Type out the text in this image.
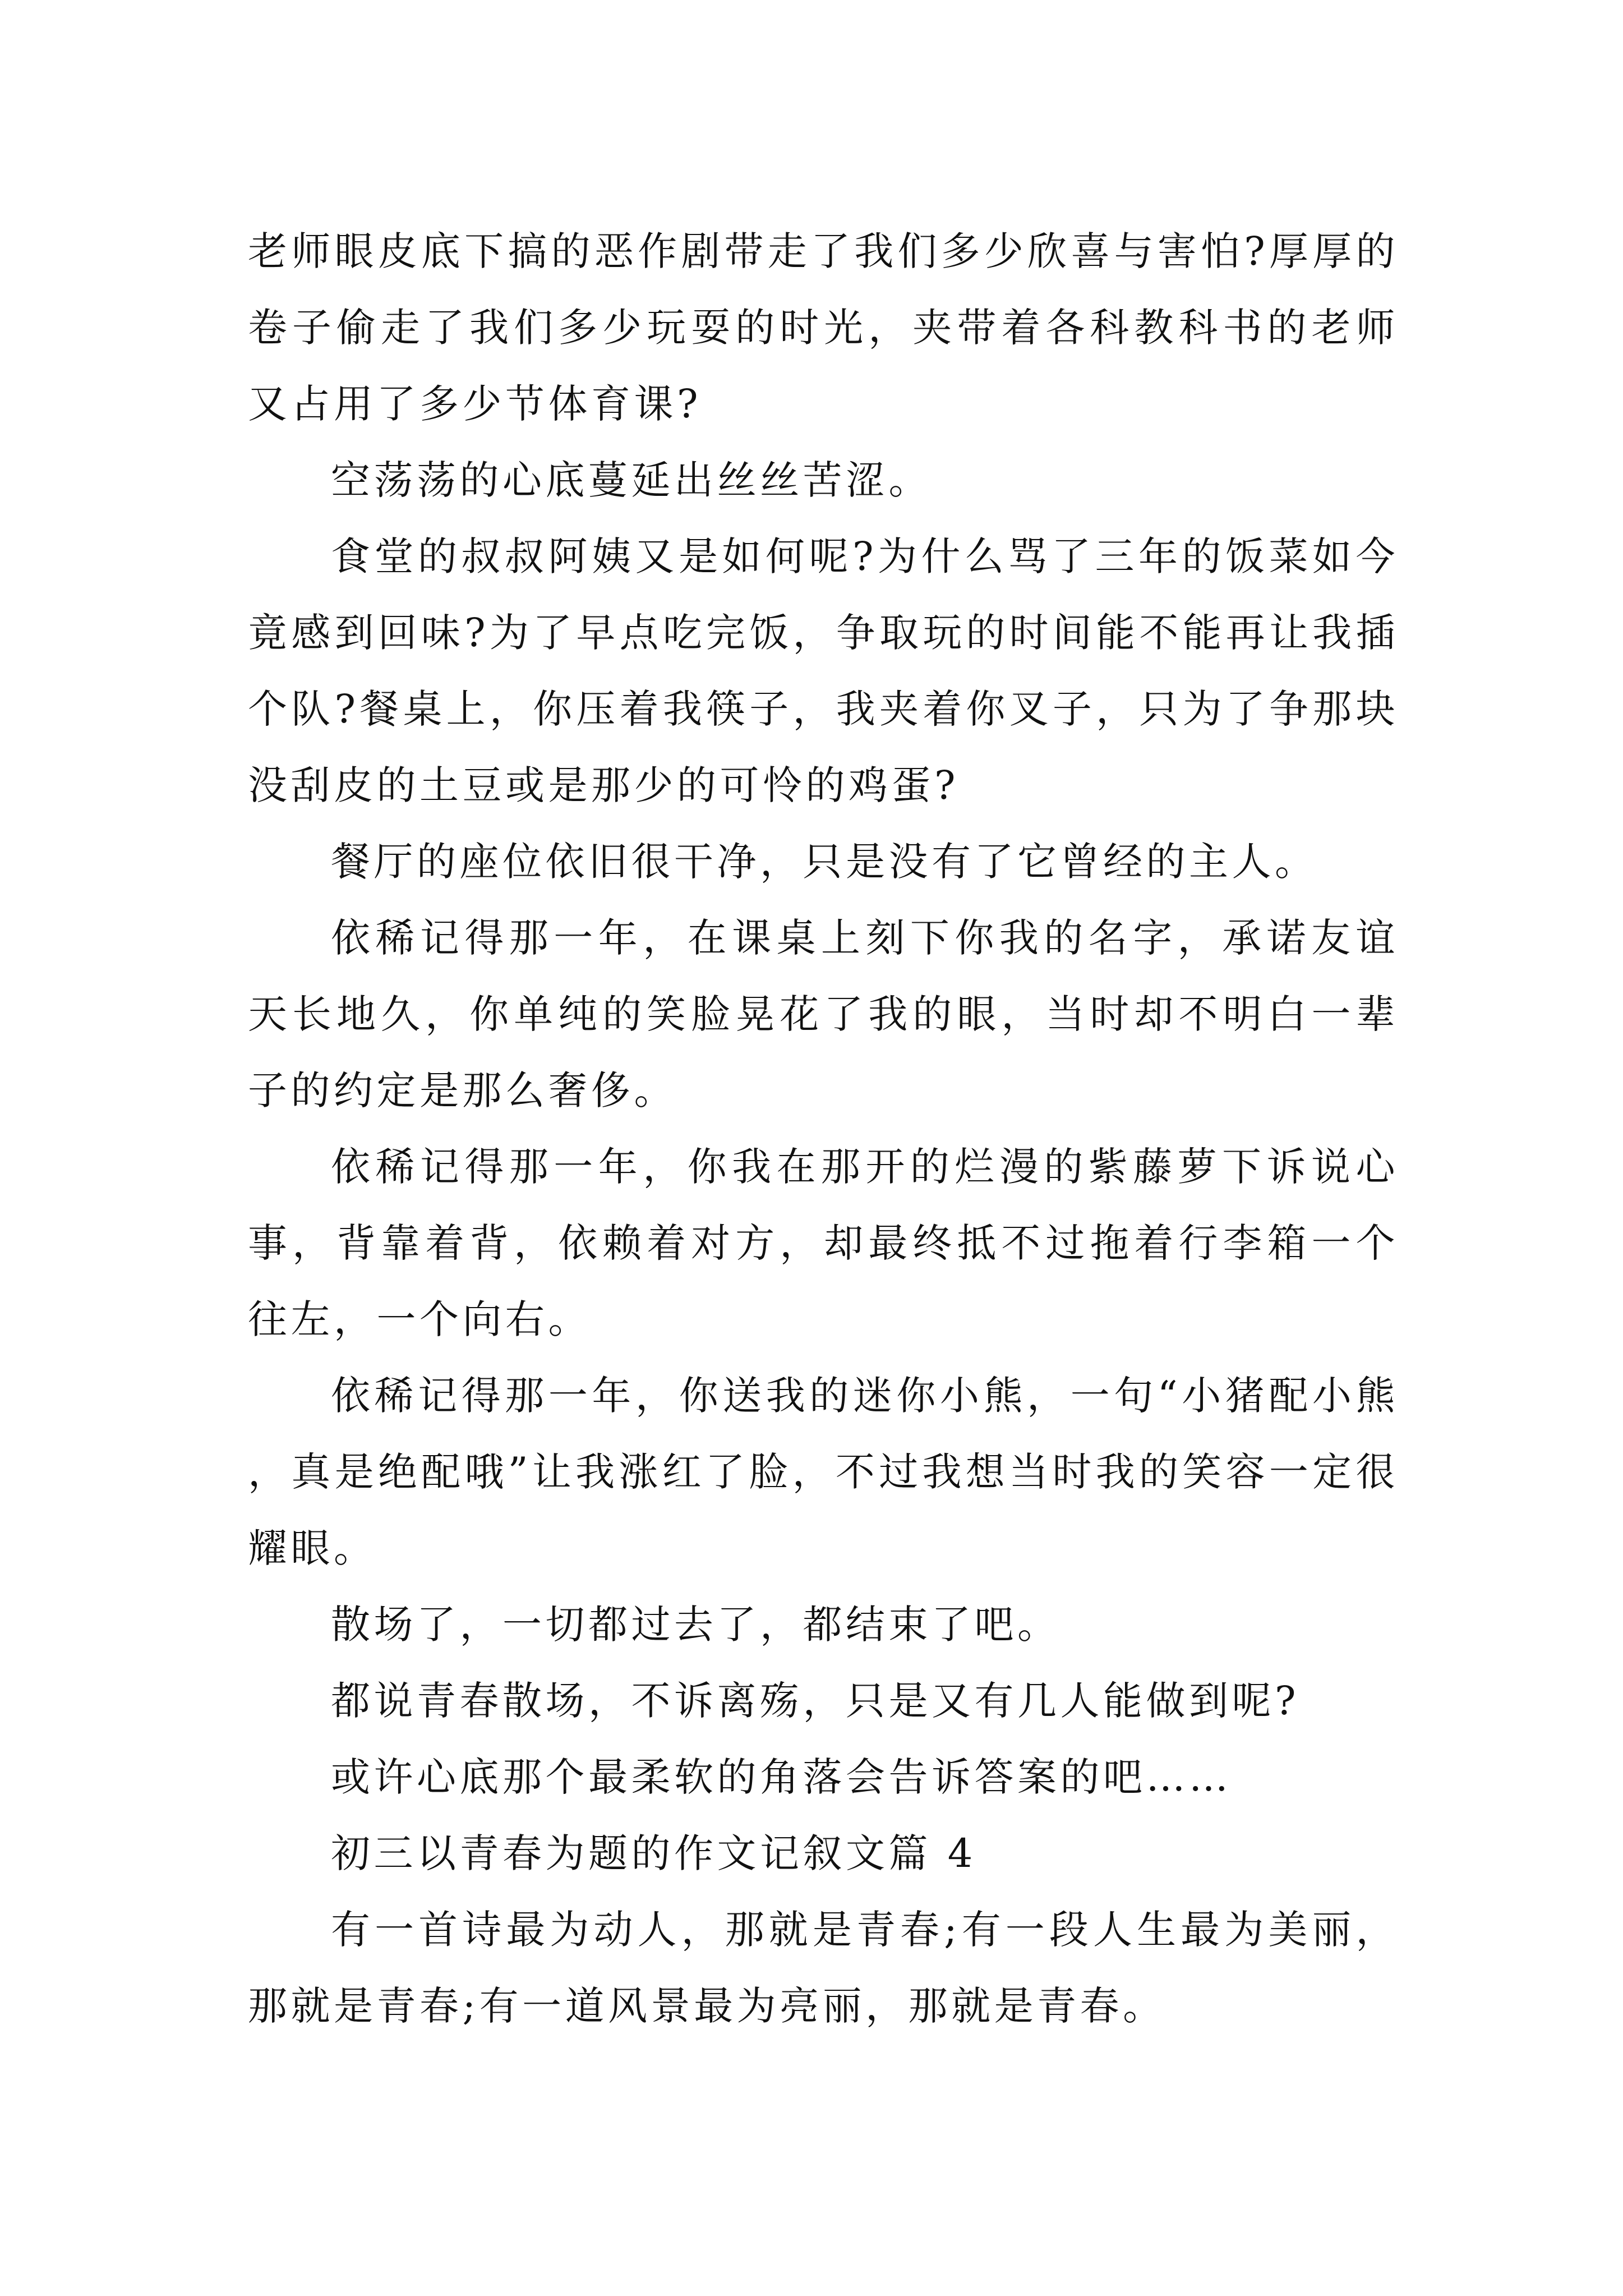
老师眼皮底下搞的恶作剧带走了我们多少欣喜与害怕?厚厚的卷子偷走了我们多少玩耍的时光，夹带着各科教科书的老师又占用了多少节体育课?

空荡荡的心底蔓延出丝丝苦涩。

食堂的叔叔阿姨又是如何呢?为什么骂了三年的饭菜如今竟感到回味?为了早点吃完饭，争取玩的时间能不能再让我插个队?餐桌上，你压着我筷子，我夹着你叉子，只为了争那块没刮皮的土豆或是那少的可怜的鸡蛋?

餐厅的座位依旧很干净，只是没有了它曾经的主人。

依稀记得那一年，在课桌上刻下你我的名字，承诺友谊天长地久，你单纯的笑脸晃花了我的眼，当时却不明白一辈子的约定是那么奢侈。

依稀记得那一年，你我在那开的烂漫的紫藤萝下诉说心事，背靠着背，依赖着对方，却最终抵不过拖着行李箱一个往左，一个向右。

依稀记得那一年，你送我的迷你小熊，一句“小猪配小熊，真是绝配哦”让我涨红了脸，不过我想当时我的笑容一定很耀眼。

散场了，一切都过去了，都结束了吧。

都说青春散场，不诉离殇，只是又有几人能做到呢?

或许心底那个最柔软的角落会告诉答案的吧……

初三以青春为题的作文记叙文篇 4

有一首诗最为动人，那就是青春;有一段人生最为美丽，那就是青春;有一道风景最为亮丽，那就是青春。
